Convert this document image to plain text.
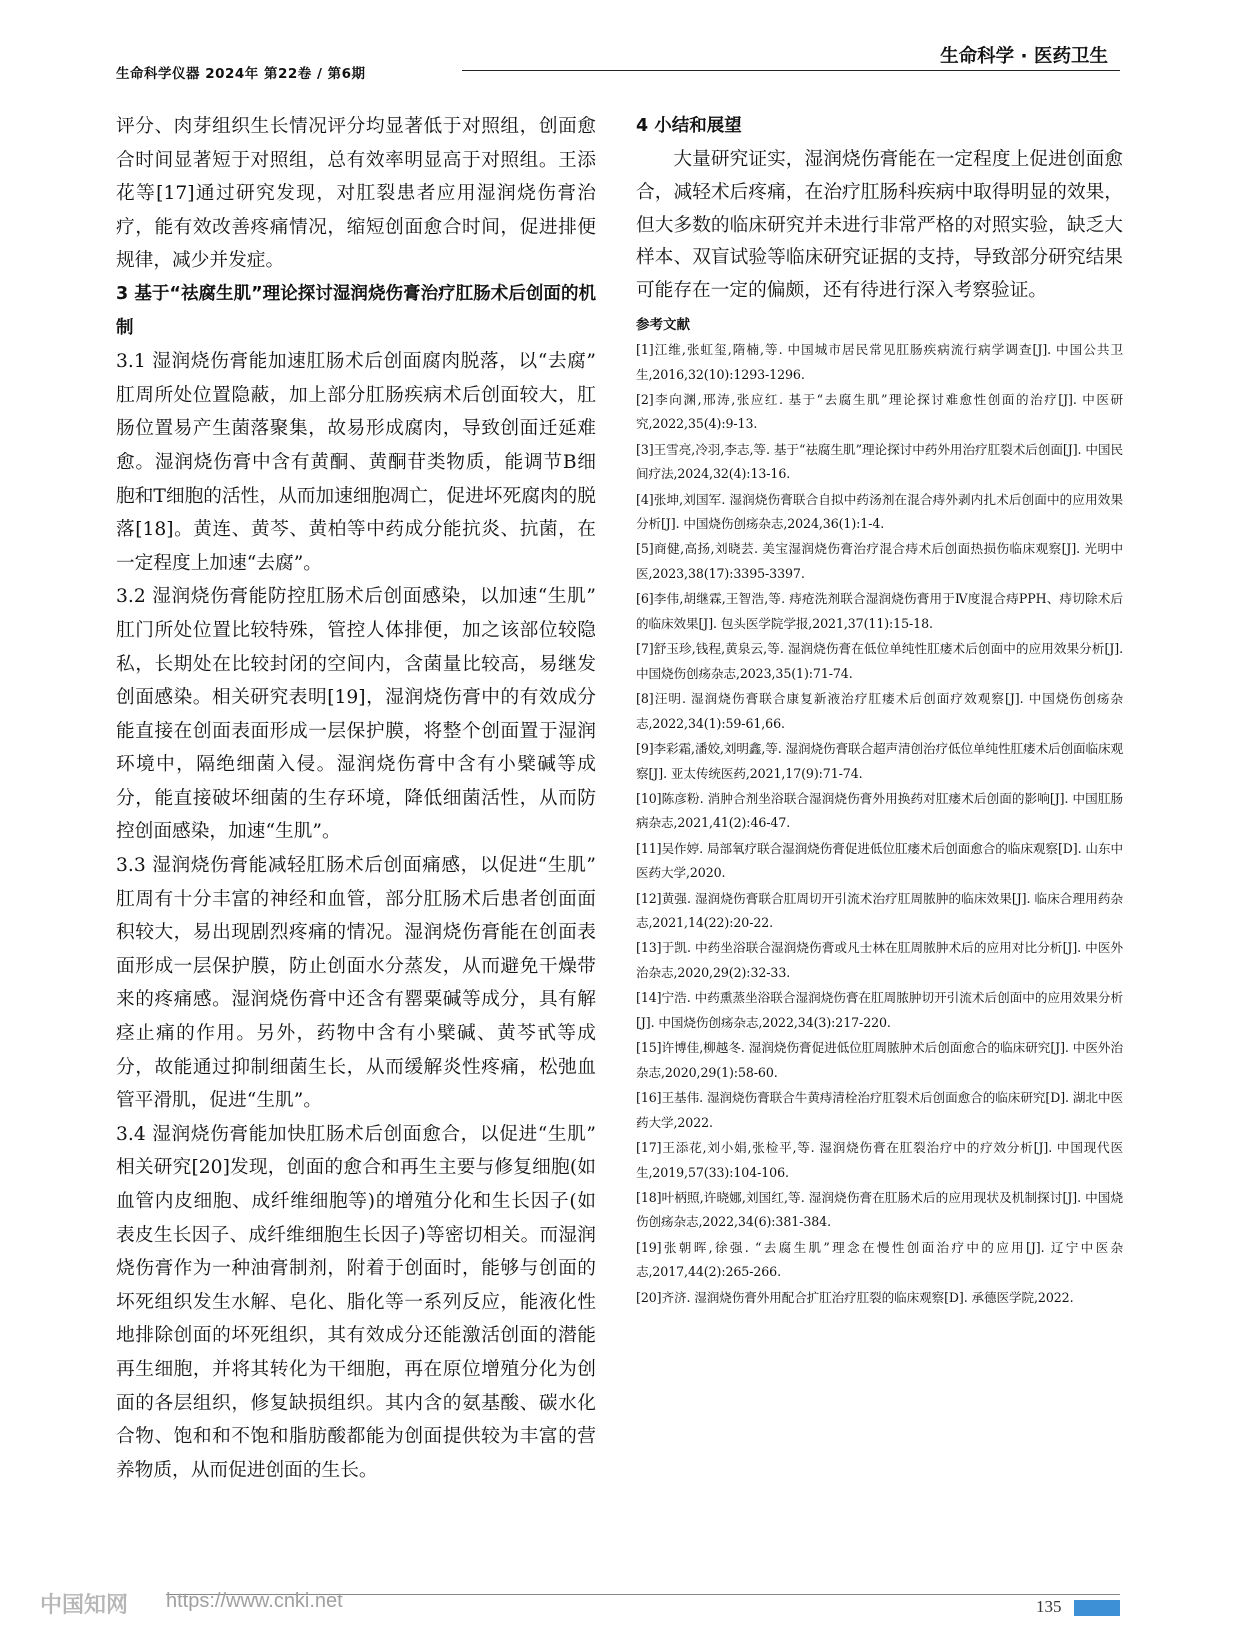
生命科学仪器 2024年 第22卷 / 第6期
生命科学 · 医药卫生

评分、肉芽组织生长情况评分均显著低于对照组，创面愈合时间显著短于对照组，总有效率明显高于对照组。王添花等[17]通过研究发现，对肛裂患者应用湿润烧伤膏治疗，能有效改善疼痛情况，缩短创面愈合时间，促进排便规律，减少并发症。

3 基于“祛腐生肌”理论探讨湿润烧伤膏治疗肛肠术后创面的机制

3.1 湿润烧伤膏能加速肛肠术后创面腐肉脱落，以“去腐” 肛周所处位置隐蔽，加上部分肛肠疾病术后创面较大，肛肠位置易产生菌落聚集，故易形成腐肉，导致创面迁延难愈。湿润烧伤膏中含有黄酮、黄酮苷类物质，能调节B细胞和T细胞的活性，从而加速细胞凋亡，促进坏死腐肉的脱落[18]。黄连、黄芩、黄柏等中药成分能抗炎、抗菌，在一定程度上加速“去腐”。

3.2 湿润烧伤膏能防控肛肠术后创面感染，以加速“生肌” 肛门所处位置比较特殊，管控人体排便，加之该部位较隐私，长期处在比较封闭的空间内，含菌量比较高，易继发创面感染。相关研究表明[19]，湿润烧伤膏中的有效成分能直接在创面表面形成一层保护膜，将整个创面置于湿润环境中，隔绝细菌入侵。湿润烧伤膏中含有小檗碱等成分，能直接破坏细菌的生存环境，降低细菌活性，从而防控创面感染，加速“生肌”。

3.3 湿润烧伤膏能减轻肛肠术后创面痛感，以促进“生肌” 肛周有十分丰富的神经和血管，部分肛肠术后患者创面面积较大，易出现剧烈疼痛的情况。湿润烧伤膏能在创面表面形成一层保护膜，防止创面水分蒸发，从而避免干燥带来的疼痛感。湿润烧伤膏中还含有罂粟碱等成分，具有解痉止痛的作用。另外，药物中含有小檗碱、黄芩甙等成分，故能通过抑制细菌生长，从而缓解炎性疼痛，松弛血管平滑肌，促进“生肌”。

3.4 湿润烧伤膏能加快肛肠术后创面愈合，以促进“生肌” 相关研究[20]发现，创面的愈合和再生主要与修复细胞(如血管内皮细胞、成纤维细胞等)的增殖分化和生长因子(如表皮生长因子、成纤维细胞生长因子)等密切相关。而湿润烧伤膏作为一种油膏制剂，附着于创面时，能够与创面的坏死组织发生水解、皂化、脂化等一系列反应，能液化性地排除创面的坏死组织，其有效成分还能激活创面的潜能再生细胞，并将其转化为干细胞，再在原位增殖分化为创面的各层组织，修复缺损组织。其内含的氨基酸、碳水化合物、饱和和不饱和脂肪酸都能为创面提供较为丰富的营养物质，从而促进创面的生长。

4 小结和展望

大量研究证实，湿润烧伤膏能在一定程度上促进创面愈合，减轻术后疼痛，在治疗肛肠科疾病中取得明显的效果，但大多数的临床研究并未进行非常严格的对照实验，缺乏大样本、双盲试验等临床研究证据的支持，导致部分研究结果可能存在一定的偏颇，还有待进行深入考察验证。

参考文献
[1]江维,张虹玺,隋楠,等. 中国城市居民常见肛肠疾病流行病学调查[J]. 中国公共卫生,2016,32(10):1293-1296.
[2]李向渊,邢涛,张应红. 基于“去腐生肌”理论探讨难愈性创面的治疗[J]. 中医研究,2022,35(4):9-13.
[3]王雪亮,冷羽,李志,等. 基于“祛腐生肌”理论探讨中药外用治疗肛裂术后创面[J]. 中国民间疗法,2024,32(4):13-16.
[4]张坤,刘国军. 湿润烧伤膏联合自拟中药汤剂在混合痔外剥内扎术后创面中的应用效果分析[J]. 中国烧伤创疡杂志,2024,36(1):1-4.
[5]商健,高扬,刘晓芸. 美宝湿润烧伤膏治疗混合痔术后创面热损伤临床观察[J]. 光明中医,2023,38(17):3395-3397.
[6]李伟,胡继霖,王智浩,等. 痔疮洗剂联合湿润烧伤膏用于Ⅳ度混合痔PPH、痔切除术后的临床效果[J]. 包头医学院学报,2021,37(11):15-18.
[7]舒玉珍,钱程,黄泉云,等. 湿润烧伤膏在低位单纯性肛瘘术后创面中的应用效果分析[J]. 中国烧伤创疡杂志,2023,35(1):71-74.
[8]汪明. 湿润烧伤膏联合康复新液治疗肛瘘术后创面疗效观察[J]. 中国烧伤创疡杂志,2022,34(1):59-61,66.
[9]李彩霜,潘姣,刘明鑫,等. 湿润烧伤膏联合超声清创治疗低位单纯性肛瘘术后创面临床观察[J]. 亚太传统医药,2021,17(9):71-74.
[10]陈彦粉. 消肿合剂坐浴联合湿润烧伤膏外用换药对肛瘘术后创面的影响[J]. 中国肛肠病杂志,2021,41(2):46-47.
[11]吴作婷. 局部氧疗联合湿润烧伤膏促进低位肛瘘术后创面愈合的临床观察[D]. 山东中医药大学,2020.
[12]黄强. 湿润烧伤膏联合肛周切开引流术治疗肛周脓肿的临床效果[J]. 临床合理用药杂志,2021,14(22):20-22.
[13]于凯. 中药坐浴联合湿润烧伤膏或凡士林在肛周脓肿术后的应用对比分析[J]. 中医外治杂志,2020,29(2):32-33.
[14]宁浩. 中药熏蒸坐浴联合湿润烧伤膏在肛周脓肿切开引流术后创面中的应用效果分析[J]. 中国烧伤创疡杂志,2022,34(3):217-220.
[15]许博佳,柳越冬. 湿润烧伤膏促进低位肛周脓肿术后创面愈合的临床研究[J]. 中医外治杂志,2020,29(1):58-60.
[16]王基伟. 湿润烧伤膏联合牛黄痔清栓治疗肛裂术后创面愈合的临床研究[D]. 湖北中医药大学,2022.
[17]王添花,刘小娟,张检平,等. 湿润烧伤膏在肛裂治疗中的疗效分析[J]. 中国现代医生,2019,57(33):104-106.
[18]叶柄照,许晓娜,刘国红,等. 湿润烧伤膏在肛肠术后的应用现状及机制探讨[J]. 中国烧伤创疡杂志,2022,34(6):381-384.
[19]张朝晖,徐强. “去腐生肌”理念在慢性创面治疗中的应用[J]. 辽宁中医杂志,2017,44(2):265-266.
[20]齐济. 湿润烧伤膏外用配合扩肛治疗肛裂的临床观察[D]. 承德医学院,2022.
中国知网 https://www.cnki.net	135
